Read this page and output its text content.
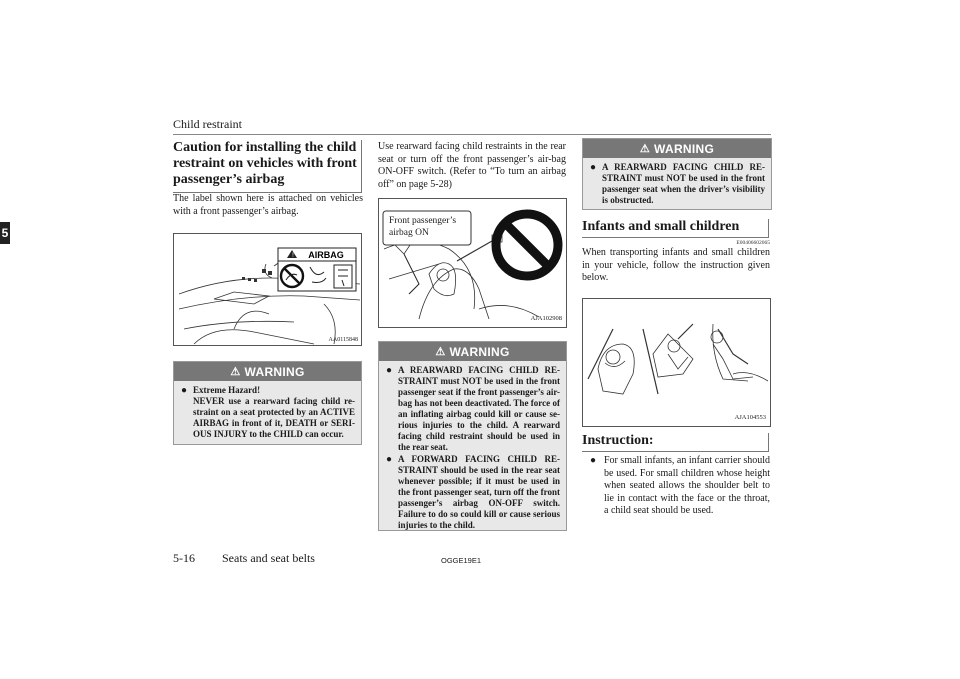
Child restraint
5
Caution for installing the child restraint on vehicles with front passenger’s airbag
The label shown here is attached on vehicles with a front passenger’s airbag.
! AIRBAG
AA0115848
⚠ WARNING
● Extreme Hazard!
NEVER use a rearward facing child re-straint on a seat protected by an ACTIVE AIRBAG in front of it, DEATH or SERI-OUS INJURY to the CHILD can occur.
Use rearward facing child restraints in the rear seat or turn off the front passenger’s air-bag ON-OFF switch. (Refer to “To turn an airbag off” on page 5-28)
Front passenger’s airbag ON
AJA102908
⚠ WARNING
● A REARWARD FACING CHILD RE-STRAINT must NOT be used in the front passenger seat if the front passenger’s air-bag has not been deactivated. The force of an inflating airbag could kill or cause se-rious injuries to the child. A rearward facing child restraint should be used in the rear seat.
● A FORWARD FACING CHILD RE-STRAINT should be used in the rear seat whenever possible; if it must be used in the front passenger seat, turn off the front passenger’s airbag ON-OFF switch. Failure to do so could kill or cause serious injuries to the child.
⚠ WARNING
● A REARWARD FACING CHILD RE-STRAINT must NOT be used in the front passenger seat when the driver’s visibility is obstructed.
Infants and small children
E00406602065
When transporting infants and small children in your vehicle, follow the instruction given below.
AJA104553
Instruction:
● For small infants, an infant carrier should be used. For small children whose height when seated allows the shoulder belt to lie in contact with the face or the throat, a child seat should be used.
5-16 Seats and seat belts	OGGE19E1
